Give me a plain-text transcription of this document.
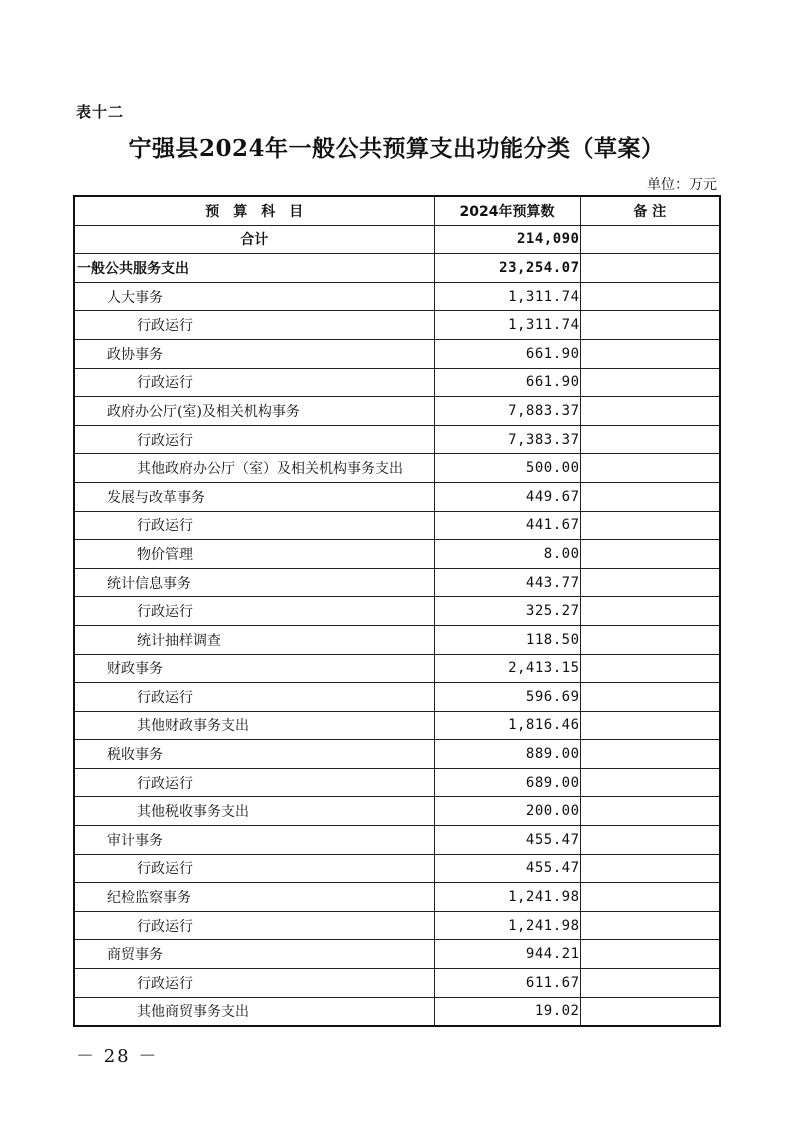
表十二
宁强县2024年一般公共预算支出功能分类（草案）
单位：万元
预　算　科　目	2024年预算数	备 注
合计	214,090	
一般公共服务支出	23,254.07	
人大事务	1,311.74	
行政运行	1,311.74	
政协事务	661.90	
行政运行	661.90	
政府办公厅(室)及相关机构事务	7,883.37	
行政运行	7,383.37	
其他政府办公厅（室）及相关机构事务支出	500.00	
发展与改革事务	449.67	
行政运行	441.67	
物价管理	8.00	
统计信息事务	443.77	
行政运行	325.27	
统计抽样调查	118.50	
财政事务	2,413.15	
行政运行	596.69	
其他财政事务支出	1,816.46	
税收事务	889.00	
行政运行	689.00	
其他税收事务支出	200.00	
审计事务	455.47	
行政运行	455.47	
纪检监察事务	1,241.98	
行政运行	1,241.98	
商贸事务	944.21	
行政运行	611.67	
其他商贸事务支出	19.02	
－ 28 －
